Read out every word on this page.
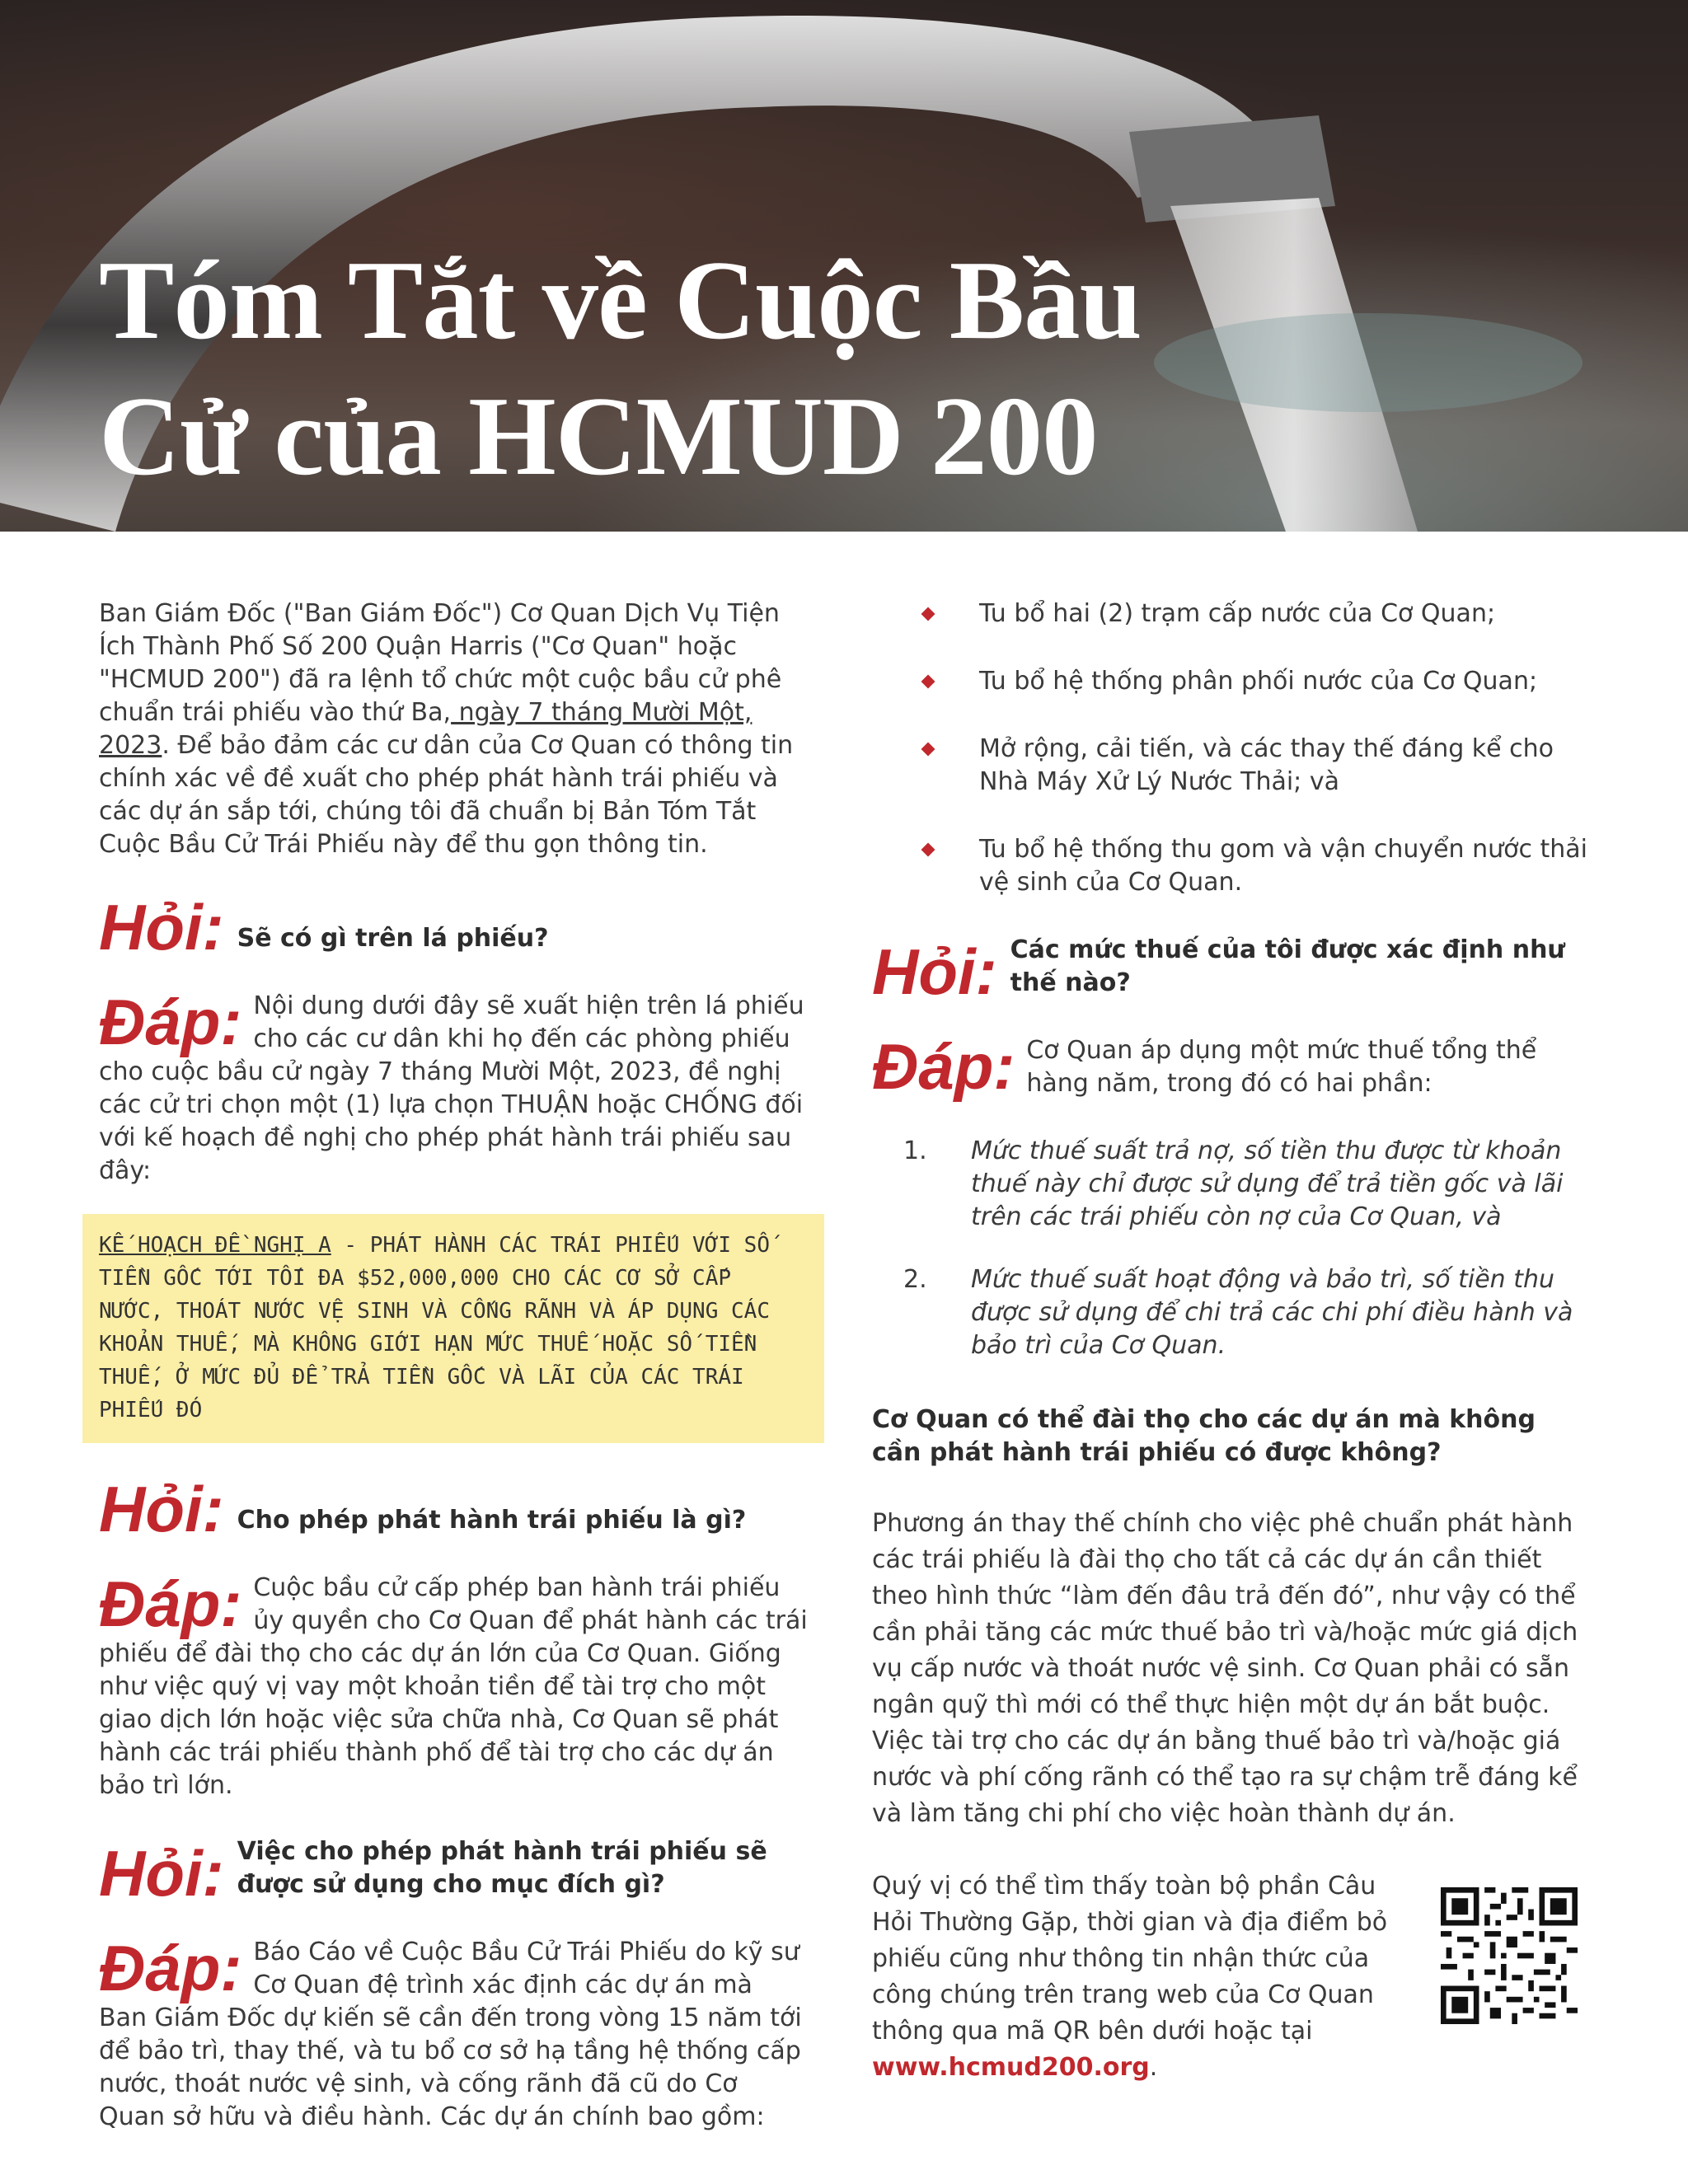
Tóm Tắt về Cuộc Bầu
Cử của HCMUD 200

Ban Giám Đốc ("Ban Giám Đốc") Cơ Quan Dịch Vụ Tiện Ích Thành Phố Số 200 Quận Harris ("Cơ Quan" hoặc "HCMUD 200") đã ra lệnh tổ chức một cuộc bầu cử phê chuẩn trái phiếu vào thứ Ba, ngày 7 tháng Mười Một, 2023. Để bảo đảm các cư dân của Cơ Quan có thông tin chính xác về đề xuất cho phép phát hành trái phiếu và các dự án sắp tới, chúng tôi đã chuẩn bị Bản Tóm Tắt Cuộc Bầu Cử Trái Phiếu này để thu gọn thông tin.

Hỏi: Sẽ có gì trên lá phiếu?
Đáp: Nội dung dưới đây sẽ xuất hiện trên lá phiếu cho các cư dân khi họ đến các phòng phiếu cho cuộc bầu cử ngày 7 tháng Mười Một, 2023, đề nghị các cử tri chọn một (1) lựa chọn THUẬN hoặc CHỐNG đối với kế hoạch đề nghị cho phép phát hành trái phiếu sau đây:
KẾ HOẠCH ĐỀ NGHỊ A - PHÁT HÀNH CÁC TRÁI PHIẾU VỚI SỐ TIỀN GỐC TỚI TỐI ĐA $52,000,000 CHO CÁC CƠ SỞ CẤP NƯỚC, THOÁT NƯỚC VỆ SINH VÀ CỐNG RÃNH VÀ ÁP DỤNG CÁC KHOẢN THUẾ, MÀ KHÔNG GIỚI HẠN MỨC THUẾ HOẶC SỐ TIỀN THUẾ, Ở MỨC ĐỦ ĐỂ TRẢ TIỀN GỐC VÀ LÃI CỦA CÁC TRÁI PHIẾU ĐÓ
Hỏi: Cho phép phát hành trái phiếu là gì?
Đáp: Cuộc bầu cử cấp phép ban hành trái phiếu ủy quyền cho Cơ Quan để phát hành các trái phiếu để đài thọ cho các dự án lớn của Cơ Quan. Giống như việc quý vị vay một khoản tiền để tài trợ cho một giao dịch lớn hoặc việc sửa chữa nhà, Cơ Quan sẽ phát hành các trái phiếu thành phố để tài trợ cho các dự án bảo trì lớn.
Hỏi: Việc cho phép phát hành trái phiếu sẽ được sử dụng cho mục đích gì?
Đáp: Báo Cáo về Cuộc Bầu Cử Trái Phiếu do kỹ sư Cơ Quan đệ trình xác định các dự án mà Ban Giám Đốc dự kiến sẽ cần đến trong vòng 15 năm tới để bảo trì, thay thế, và tu bổ cơ sở hạ tầng hệ thống cấp nước, thoát nước vệ sinh, và cống rãnh đã cũ do Cơ Quan sở hữu và điều hành. Các dự án chính bao gồm:
Tu bổ hai (2) trạm cấp nước của Cơ Quan;
Tu bổ hệ thống phân phối nước của Cơ Quan;
Mở rộng, cải tiến, và các thay thế đáng kể cho Nhà Máy Xử Lý Nước Thải; và
Tu bổ hệ thống thu gom và vận chuyển nước thải vệ sinh của Cơ Quan.
Hỏi: Các mức thuế của tôi được xác định như thế nào?
Đáp: Cơ Quan áp dụng một mức thuế tổng thể hàng năm, trong đó có hai phần:
1.	Mức thuế suất trả nợ, số tiền thu được từ khoản thuế này chỉ được sử dụng để trả tiền gốc và lãi trên các trái phiếu còn nợ của Cơ Quan, và
2.	Mức thuế suất hoạt động và bảo trì, số tiền thu được sử dụng để chi trả các chi phí điều hành và bảo trì của Cơ Quan.

Cơ Quan có thể đài thọ cho các dự án mà không cần phát hành trái phiếu có được không?

Phương án thay thế chính cho việc phê chuẩn phát hành các trái phiếu là đài thọ cho tất cả các dự án cần thiết theo hình thức “làm đến đâu trả đến đó”, như vậy có thể cần phải tăng các mức thuế bảo trì và/hoặc mức giá dịch vụ cấp nước và thoát nước vệ sinh. Cơ Quan phải có sẵn ngân quỹ thì mới có thể thực hiện một dự án bắt buộc. Việc tài trợ cho các dự án bằng thuế bảo trì và/hoặc giá nước và phí cống rãnh có thể tạo ra sự chậm trễ đáng kể và làm tăng chi phí cho việc hoàn thành dự án.

Quý vị có thể tìm thấy toàn bộ phần Câu Hỏi Thường Gặp, thời gian và địa điểm bỏ phiếu cũng như thông tin nhận thức của công chúng trên trang web của Cơ Quan thông qua mã QR bên dưới hoặc tại www.hcmud200.org.
